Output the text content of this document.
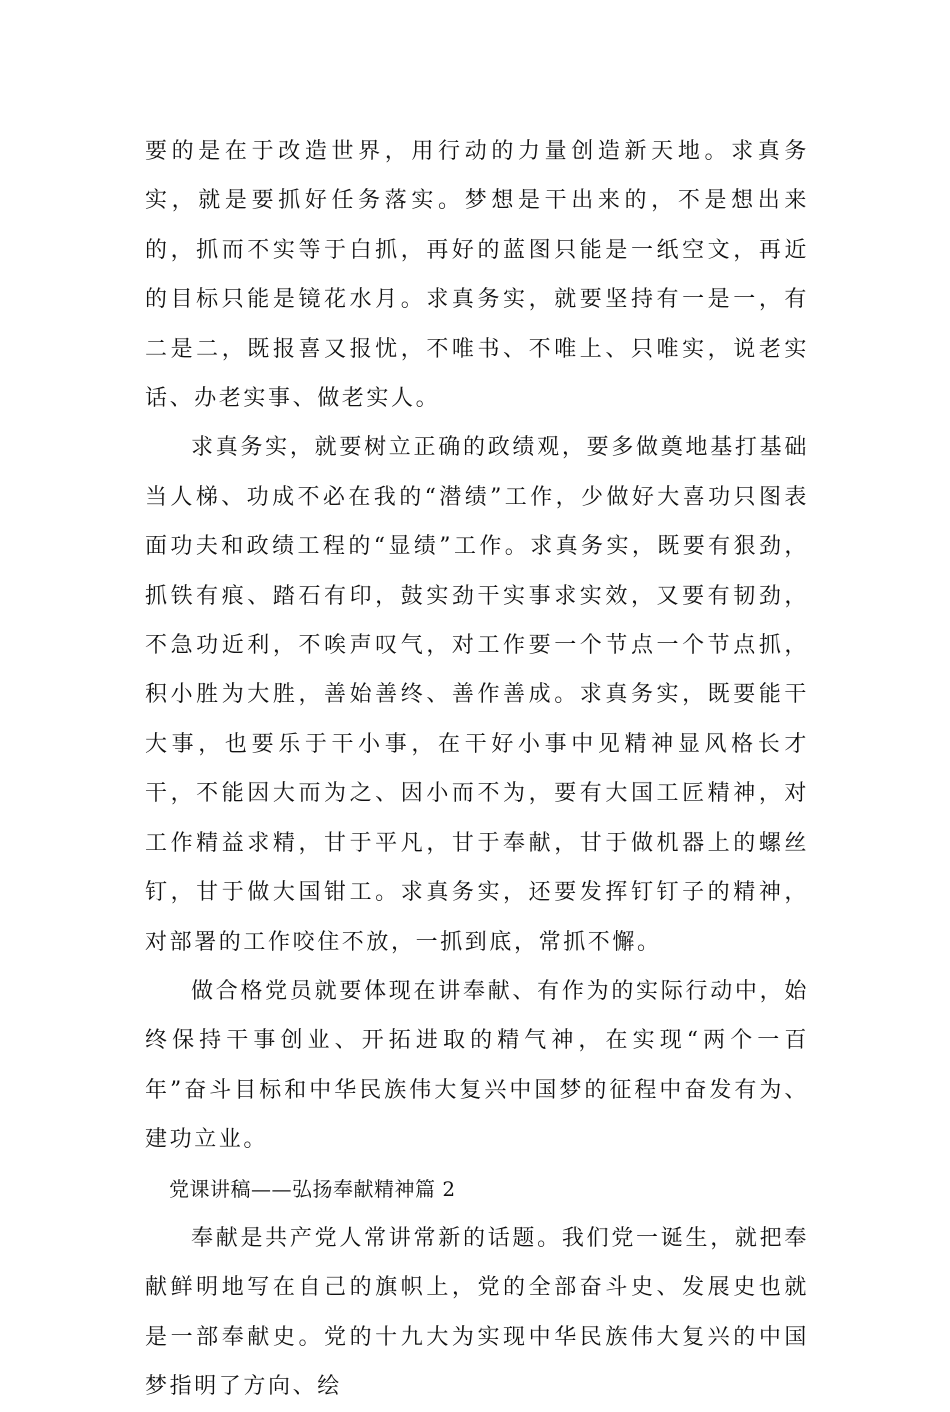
要的是在于改造世界，用行动的力量创造新天地。求真务实，就是要抓好任务落实。梦想是干出来的，不是想出来的，抓而不实等于白抓，再好的蓝图只能是一纸空文，再近的目标只能是镜花水月。求真务实，就要坚持有一是一，有二是二，既报喜又报忧，不唯书、不唯上、只唯实，说老实话、办老实事、做老实人。

求真务实，就要树立正确的政绩观，要多做奠地基打基础当人梯、功成不必在我的“潜绩”工作，少做好大喜功只图表面功夫和政绩工程的“显绩”工作。求真务实，既要有狠劲，抓铁有痕、踏石有印，鼓实劲干实事求实效，又要有韧劲，不急功近利，不唉声叹气，对工作要一个节点一个节点抓，积小胜为大胜，善始善终、善作善成。求真务实，既要能干大事，也要乐于干小事，在干好小事中见精神显风格长才干，不能因大而为之、因小而不为，要有大国工匠精神，对工作精益求精，甘于平凡，甘于奉献，甘于做机器上的螺丝钉，甘于做大国钳工。求真务实，还要发挥钉钉子的精神，对部署的工作咬住不放，一抓到底，常抓不懈。

做合格党员就要体现在讲奉献、有作为的实际行动中，始终保持干事创业、开拓进取的精气神，在实现“两个一百年”奋斗目标和中华民族伟大复兴中国梦的征程中奋发有为、建功立业。

党课讲稿——弘扬奉献精神篇 2

奉献是共产党人常讲常新的话题。我们党一诞生，就把奉献鲜明地写在自己的旗帜上，党的全部奋斗史、发展史也就是一部奉献史。党的十九大为实现中华民族伟大复兴的中国梦指明了方向、绘
